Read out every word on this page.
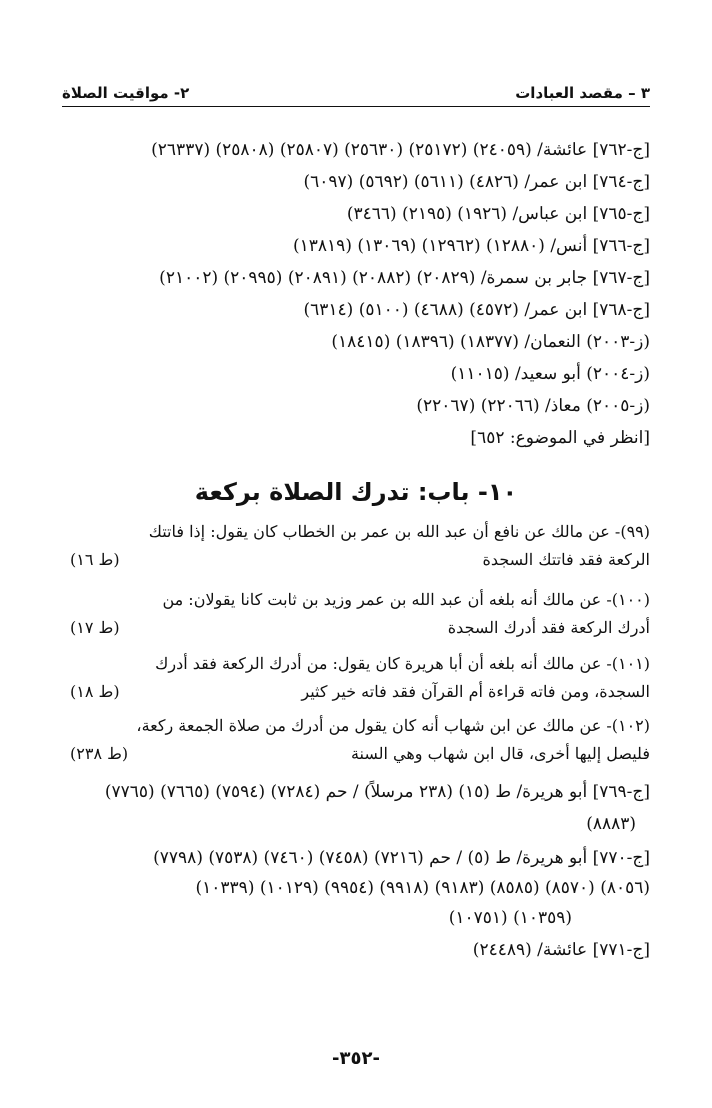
٣ – مقصد العبادات
٢- مواقيت الصلاة
[ج-٧٦٢] عائشة/ (٢٤٠٥٩) (٢٥١٧٢) (٢٥٦٣٠) (٢٥٨٠٧) (٢٥٨٠٨) (٢٦٣٣٧)
[ج-٧٦٤] ابن عمر/ (٤٨٢٦) (٥٦١١) (٥٦٩٢) (٦٠٩٧)
[ج-٧٦٥] ابن عباس/ (١٩٢٦) (٢١٩٥) (٣٤٦٦)
[ج-٧٦٦] أنس/ (١٢٨٨٠) (١٢٩٦٢) (١٣٠٦٩) (١٣٨١٩)
[ج-٧٦٧] جابر بن سمرة/ (٢٠٨٢٩) (٢٠٨٨٢) (٢٠٨٩١) (٢٠٩٩٥) (٢١٠٠٢)
[ج-٧٦٨] ابن عمر/ (٤٥٧٢) (٤٦٨٨) (٥١٠٠) (٦٣١٤)
(ز-٢٠٠٣) النعمان/ (١٨٣٧٧) (١٨٣٩٦) (١٨٤١٥)
(ز-٢٠٠٤) أبو سعيد/ (١١٠١٥)
(ز-٢٠٠٥) معاذ/ (٢٢٠٦٦) (٢٢٠٦٧)
[انظر في الموضوع: ٦٥٢]
١٠- باب: تدرك الصلاة بركعة
(٩٩)- عن مالك عن نافع أن عبد الله بن عمر بن الخطاب كان يقول: إذا فاتتك
الركعة فقد فاتتك السجدة
(ط ١٦)
(١٠٠)- عن مالك أنه بلغه أن عبد الله بن عمر وزيد بن ثابت كانا يقولان: من
أدرك الركعة فقد أدرك السجدة
(ط ١٧)
(١٠١)- عن مالك أنه بلغه أن أبا هريرة كان يقول: من أدرك الركعة فقد أدرك
السجدة، ومن فاته قراءة أم القرآن فقد فاته خير كثير
(ط ١٨)
(١٠٢)- عن مالك عن ابن شهاب أنه كان يقول من أدرك من صلاة الجمعة ركعة،
فليصل إليها أخرى، قال ابن شهاب وهي السنة
(ط ٢٣٨)
[ج-٧٦٩] أبو هريرة/ ط (١٥) (٢٣٨ مرسلاً) / حم (٧٢٨٤) (٧٥٩٤) (٧٦٦٥) (٧٧٦٥)
(٨٨٨٣)
[ج-٧٧٠] أبو هريرة/ ط (٥) / حم (٧٢١٦) (٧٤٥٨) (٧٤٦٠) (٧٥٣٨) (٧٧٩٨)
(٨٠٥٦) (٨٥٧٠) (٨٥٨٥) (٩١٨٣) (٩٩١٨) (٩٩٥٤) (١٠١٢٩) (١٠٣٣٩)
(١٠٣٥٩) (١٠٧٥١)
[ج-٧٧١] عائشة/ (٢٤٤٨٩)
-٣٥٢-
